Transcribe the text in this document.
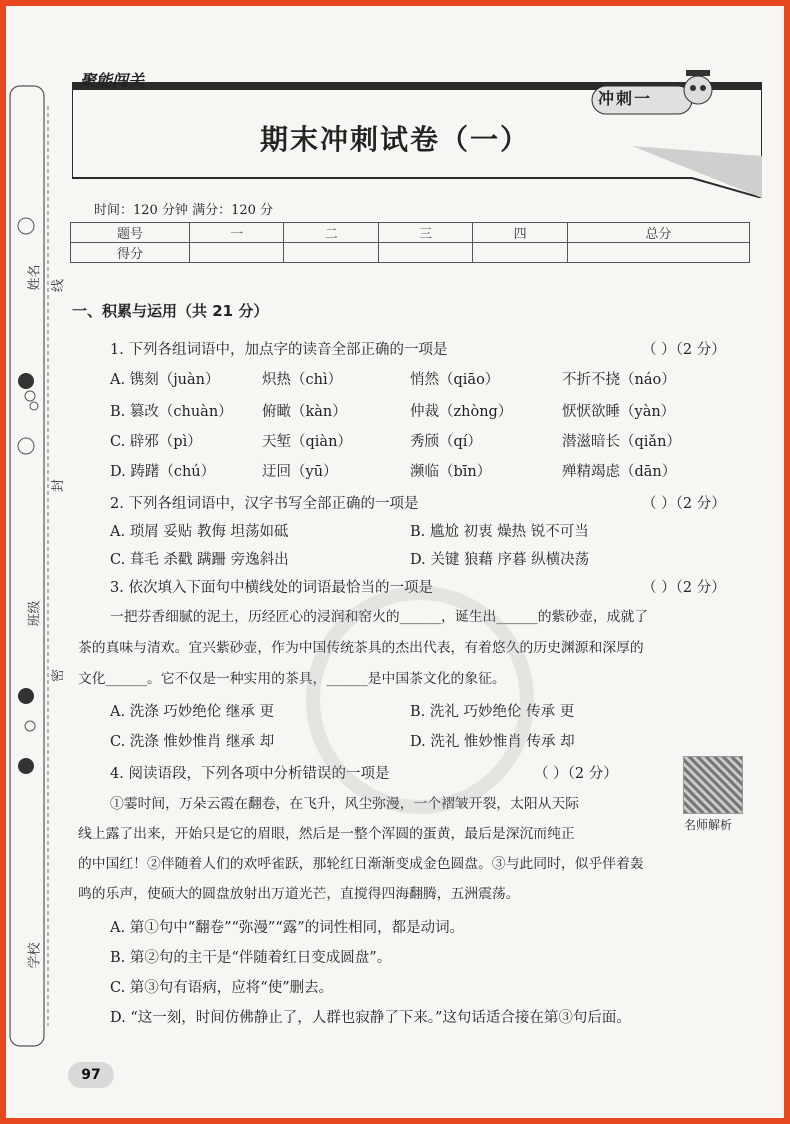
姓名
班级
学校
线
封
密
聚能闯关
冲刺一
期末冲刺试卷（一）
时间：120 分钟 满分：120 分
题号	一	二	三	四	总分
得分					
一、积累与运用（共 21 分）
1. 下列各组词语中，加点字的读音全部正确的一项是	（ ）（2 分）
A. 镌刻（juàn）	炽热（chì）	悄然（qiāo）	不折不挠（náo）
B. 篡改（chuàn） 俯瞰（kàn）	仲裁（zhòng）	恹恹欲睡（yàn）
C. 辟邪（pì）	天堑（qiàn）	秀颀（qí）	潜滋暗长（qiǎn）
D. 踌躇（chú）	迂回（yū）	濒临（bīn）	殚精竭虑（dān）
2. 下列各组词语中，汉字书写全部正确的一项是	（ ）（2 分）
A. 琐屑 妥贴 教侮 坦荡如砥	B. 尴尬 初衷 燥热 锐不可当
C. 葺毛 杀戳 蹒跚 旁逸斜出	D. 关键 狼藉 序暮 纵横决荡
3. 依次填入下面句中横线处的词语最恰当的一项是	（ ）（2 分）
一把芬香细腻的泥土，历经匠心的浸润和窑火的______，诞生出______的紫砂壶，成就了
茶的真味与清欢。宜兴紫砂壶，作为中国传统茶具的杰出代表，有着悠久的历史渊源和深厚的
文化______。它不仅是一种实用的茶具，______是中国茶文化的象征。
A. 洗涤 巧妙绝伦 继承 更	B. 洗礼 巧妙绝伦 传承 更
C. 洗涤 惟妙惟肖 继承 却	D. 洗礼 惟妙惟肖 传承 却
4. 阅读语段，下列各项中分析错误的一项是	（ ）（2 分）
名师解析
①霎时间，万朵云霞在翻卷，在飞升，风尘弥漫，一个褶皱开裂，太阳从天际
线上露了出来，开始只是它的眉眼，然后是一整个浑圆的蛋黄，最后是深沉而纯正
的中国红！②伴随着人们的欢呼雀跃，那轮红日渐渐变成金色圆盘。③与此同时，似乎伴着轰
鸣的乐声，使硕大的圆盘放射出万道光芒，直搅得四海翻腾，五洲震荡。
A. 第①句中“翻卷”“弥漫”“露”的词性相同，都是动词。
B. 第②句的主干是“伴随着红日变成圆盘”。
C. 第③句有语病，应将“使”删去。
D. “这一刻，时间仿佛静止了，人群也寂静了下来。”这句话适合接在第③句后面。
97
